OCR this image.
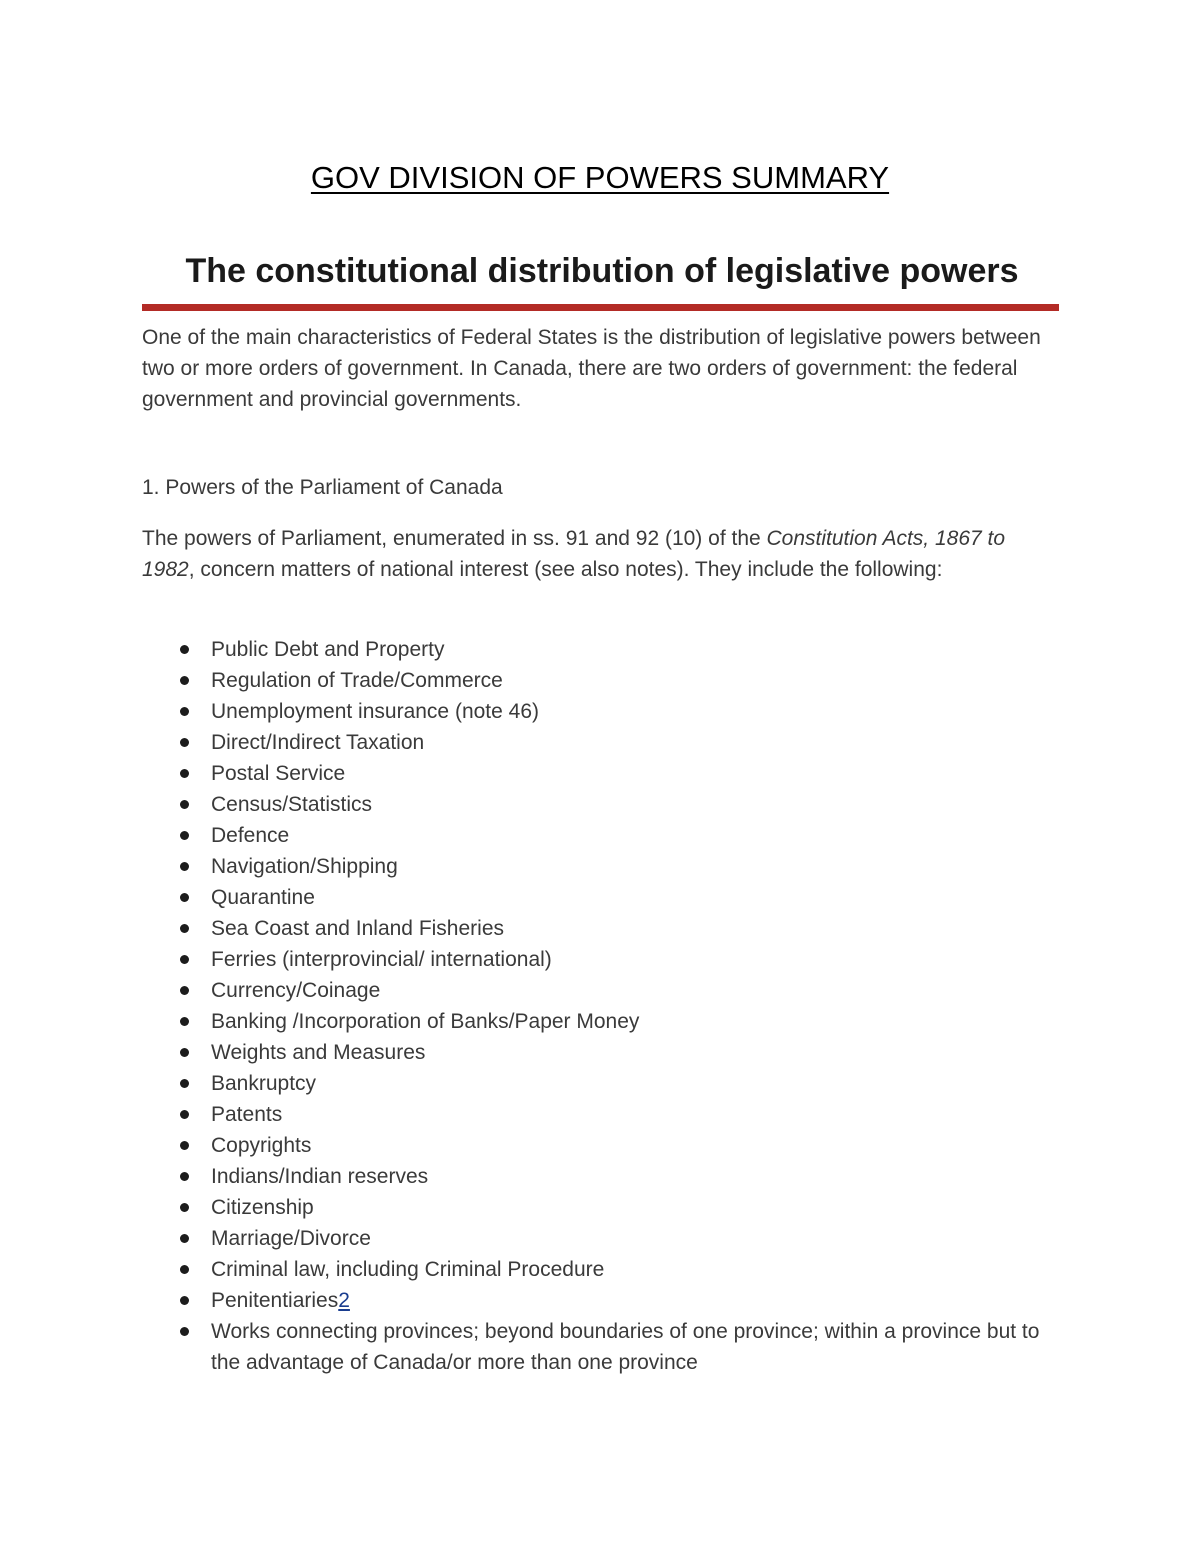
GOV DIVISION OF POWERS SUMMARY
The constitutional distribution of legislative powers

One of the main characteristics of Federal States is the distribution of legislative powers between two or more orders of government. In Canada, there are two orders of government: the federal government and provincial governments.

1. Powers of the Parliament of Canada

The powers of Parliament, enumerated in ss. 91 and 92 (10) of the Constitution Acts, 1867 to 1982, concern matters of national interest (see also notes). They include the following:

Public Debt and Property
Regulation of Trade/Commerce
Unemployment insurance (note 46)
Direct/Indirect Taxation
Postal Service
Census/Statistics
Defence
Navigation/Shipping
Quarantine
Sea Coast and Inland Fisheries
Ferries (interprovincial/ international)
Currency/Coinage
Banking /Incorporation of Banks/Paper Money
Weights and Measures
Bankruptcy
Patents
Copyrights
Indians/Indian reserves
Citizenship
Marriage/Divorce
Criminal law, including Criminal Procedure
Penitentiaries2
Works connecting provinces; beyond boundaries of one province; within a province but to the advantage of Canada/or more than one province
